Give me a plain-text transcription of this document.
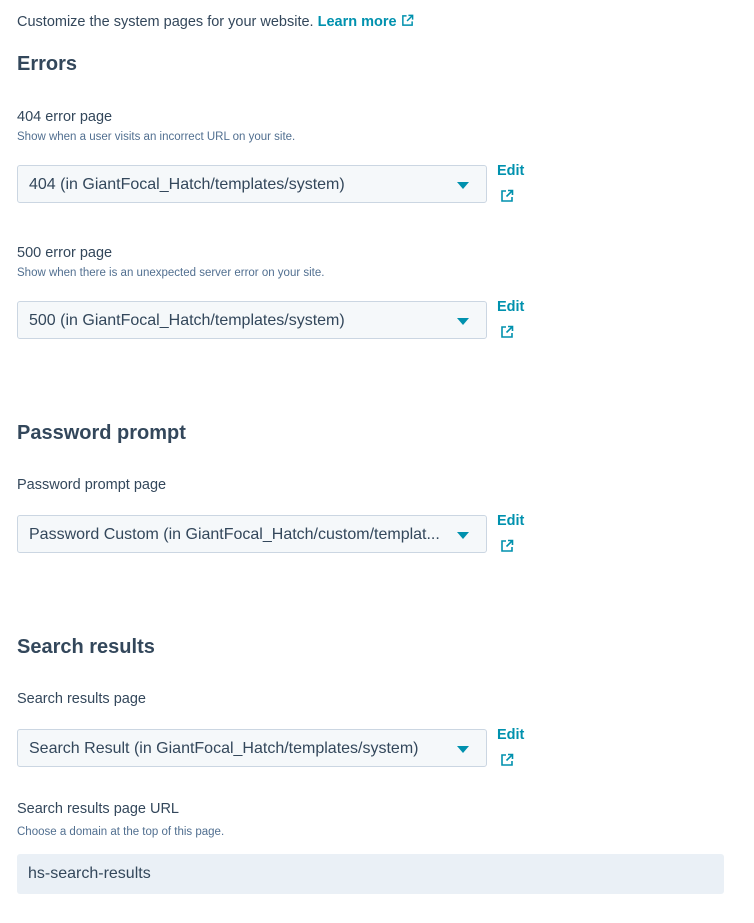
Customize the system pages for your website. Learn more
Errors
404 error page
Show when a user visits an incorrect URL on your site.
404 (in GiantFocal_Hatch/templates/system)
Edit
500 error page
Show when there is an unexpected server error on your site.
500 (in GiantFocal_Hatch/templates/system)
Edit
Password prompt
Password prompt page
Password Custom (in GiantFocal_Hatch/custom/templat...
Edit
Search results
Search results page
Search Result (in GiantFocal_Hatch/templates/system)
Edit
Search results page URL
Choose a domain at the top of this page.
hs-search-results
